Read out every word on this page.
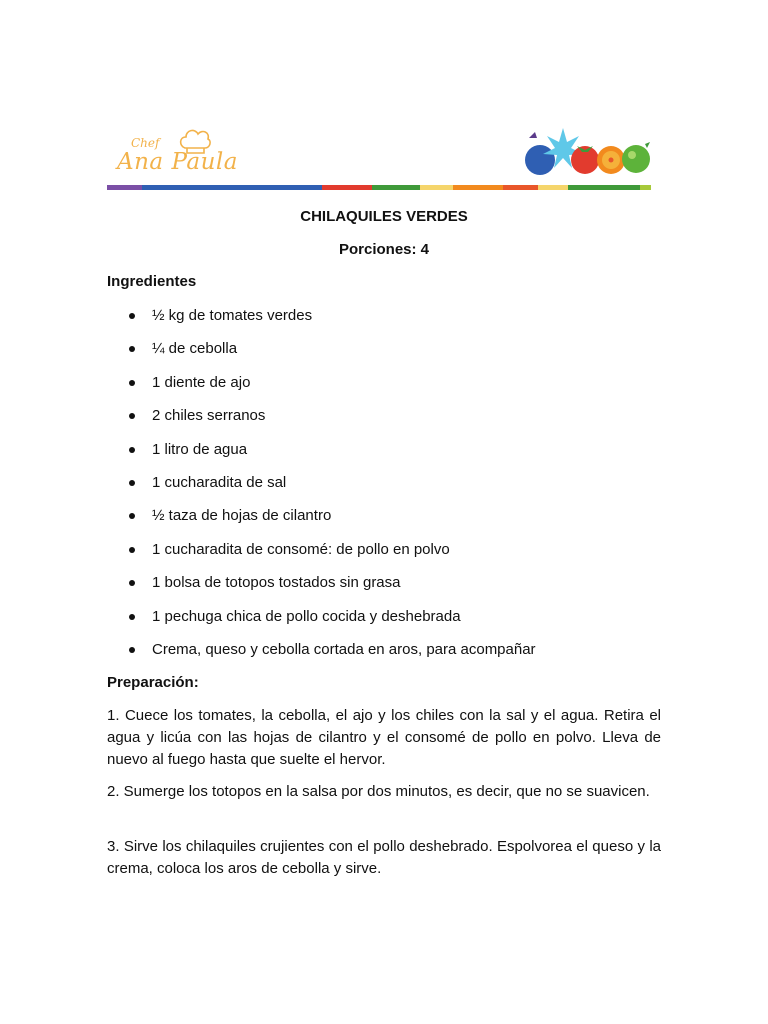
Chef
Ana Paula
CHILAQUILES VERDES
Porciones: 4
Ingredientes
½ kg de tomates verdes
¼ de cebolla
1 diente de ajo
2 chiles serranos
1 litro de agua
1 cucharadita de sal
½ taza de hojas de cilantro
1 cucharadita de consomé: de pollo en polvo
1 bolsa de totopos tostados sin grasa
1 pechuga chica de pollo cocida y deshebrada
Crema, queso y cebolla cortada en aros, para acompañar
Preparación:

1. Cuece los tomates, la cebolla, el ajo y los chiles con la sal y el agua. Retira el agua y licúa con las hojas de cilantro y el consomé de pollo en polvo. Lleva de nuevo al fuego hasta que suelte el hervor.

2. Sumerge los totopos en la salsa por dos minutos, es decir, que no se suavicen.

3. Sirve los chilaquiles crujientes con el pollo deshebrado. Espolvorea el queso y la crema, coloca los aros de cebolla y sirve.
